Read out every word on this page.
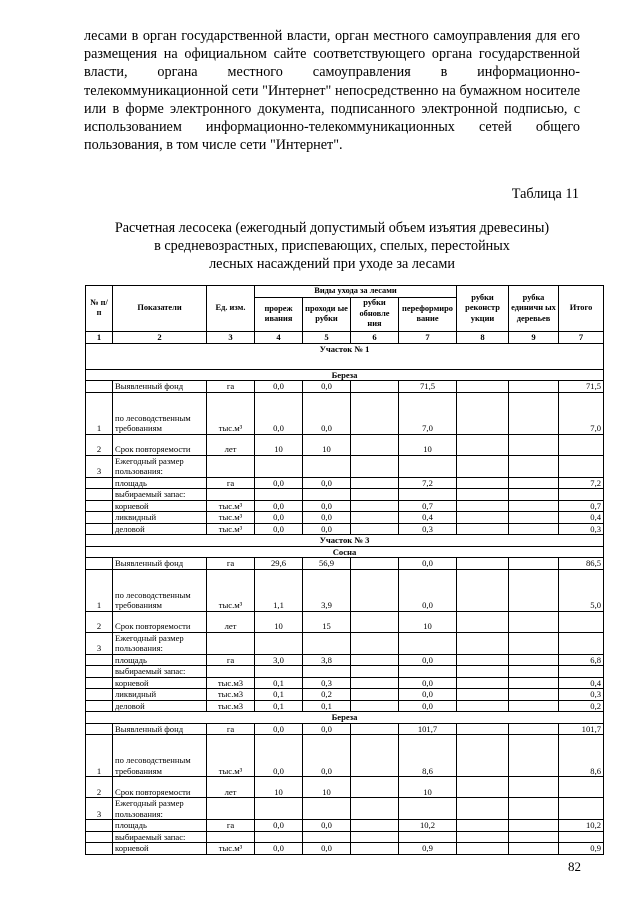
лесами в орган государственной власти, орган местного самоуправления для его размещения на официальном сайте соответствующего органа государственной власти, органа местного самоуправления в информационно-телекоммуникационной сети "Интернет" непосредственно на бумажном носителе или в форме электронного документа, подписанного электронной подписью, с использованием информационно-телекоммуникационных сетей общего пользования, в том числе сети "Интернет".

Таблица 11
Расчетная лесосека (ежегодный допустимый объем изъятия древесины)
в средневозрастных, приспевающих, спелых, перестойных
лесных насаждений при уходе за лесами
№ п/п	Показатели	Ед. изм.	Виды ухода за лесами				рубки реконстр укции	рубка единичн ых деревьев	Итого
			прореж ивания	проходи ые рубки	рубки обновле ния	переформиро вание			
1	2	3	4	5	6	7	8	9	7
Участок № 1									
Береза									
	Выявленный фонд	га	0,0	0,0		71,5			71,5
1	по лесоводственным требованиям	тыс.м³	0,0	0,0		7,0			7,0
2	Срок повторяемости	лет	10	10		10			
3	Ежегодный размер пользования:								
	площадь	га	0,0	0,0		7,2			7,2
	выбираемый запас:								
	корневой	тыс.м³	0,0	0,0		0,7			0,7
	ликвидный	тыс.м³	0,0	0,0		0,4			0,4
	деловой	тыс.м³	0,0	0,0		0,3			0,3
Участок № 3									
Сосна									
	Выявленный фонд	га	29,6	56,9		0,0			86,5
1	по лесоводственным требованиям	тыс.м³	1,1	3,9		0,0			5,0
2	Срок повторяемости	лет	10	15		10			
3	Ежегодный размер пользования:								
	площадь	га	3,0	3,8		0,0			6,8
	выбираемый запас:								
	корневой	тыс.м3	0,1	0,3		0,0			0,4
	ликвидный	тыс.м3	0,1	0,2		0,0			0,3
	деловой	тыс.м3	0,1	0,1		0,0			0,2
Береза									
	Выявленный фонд	га	0,0	0,0		101,7			101,7
1	по лесоводственным требованиям	тыс.м³	0,0	0,0		8,6			8,6
2	Срок повторяемости	лет	10	10		10			
3	Ежегодный размер пользования:								
	площадь	га	0,0	0,0		10,2			10,2
	выбираемый запас:								
	корневой	тыс.м³	0,0	0,0		0,9			0,9
82
